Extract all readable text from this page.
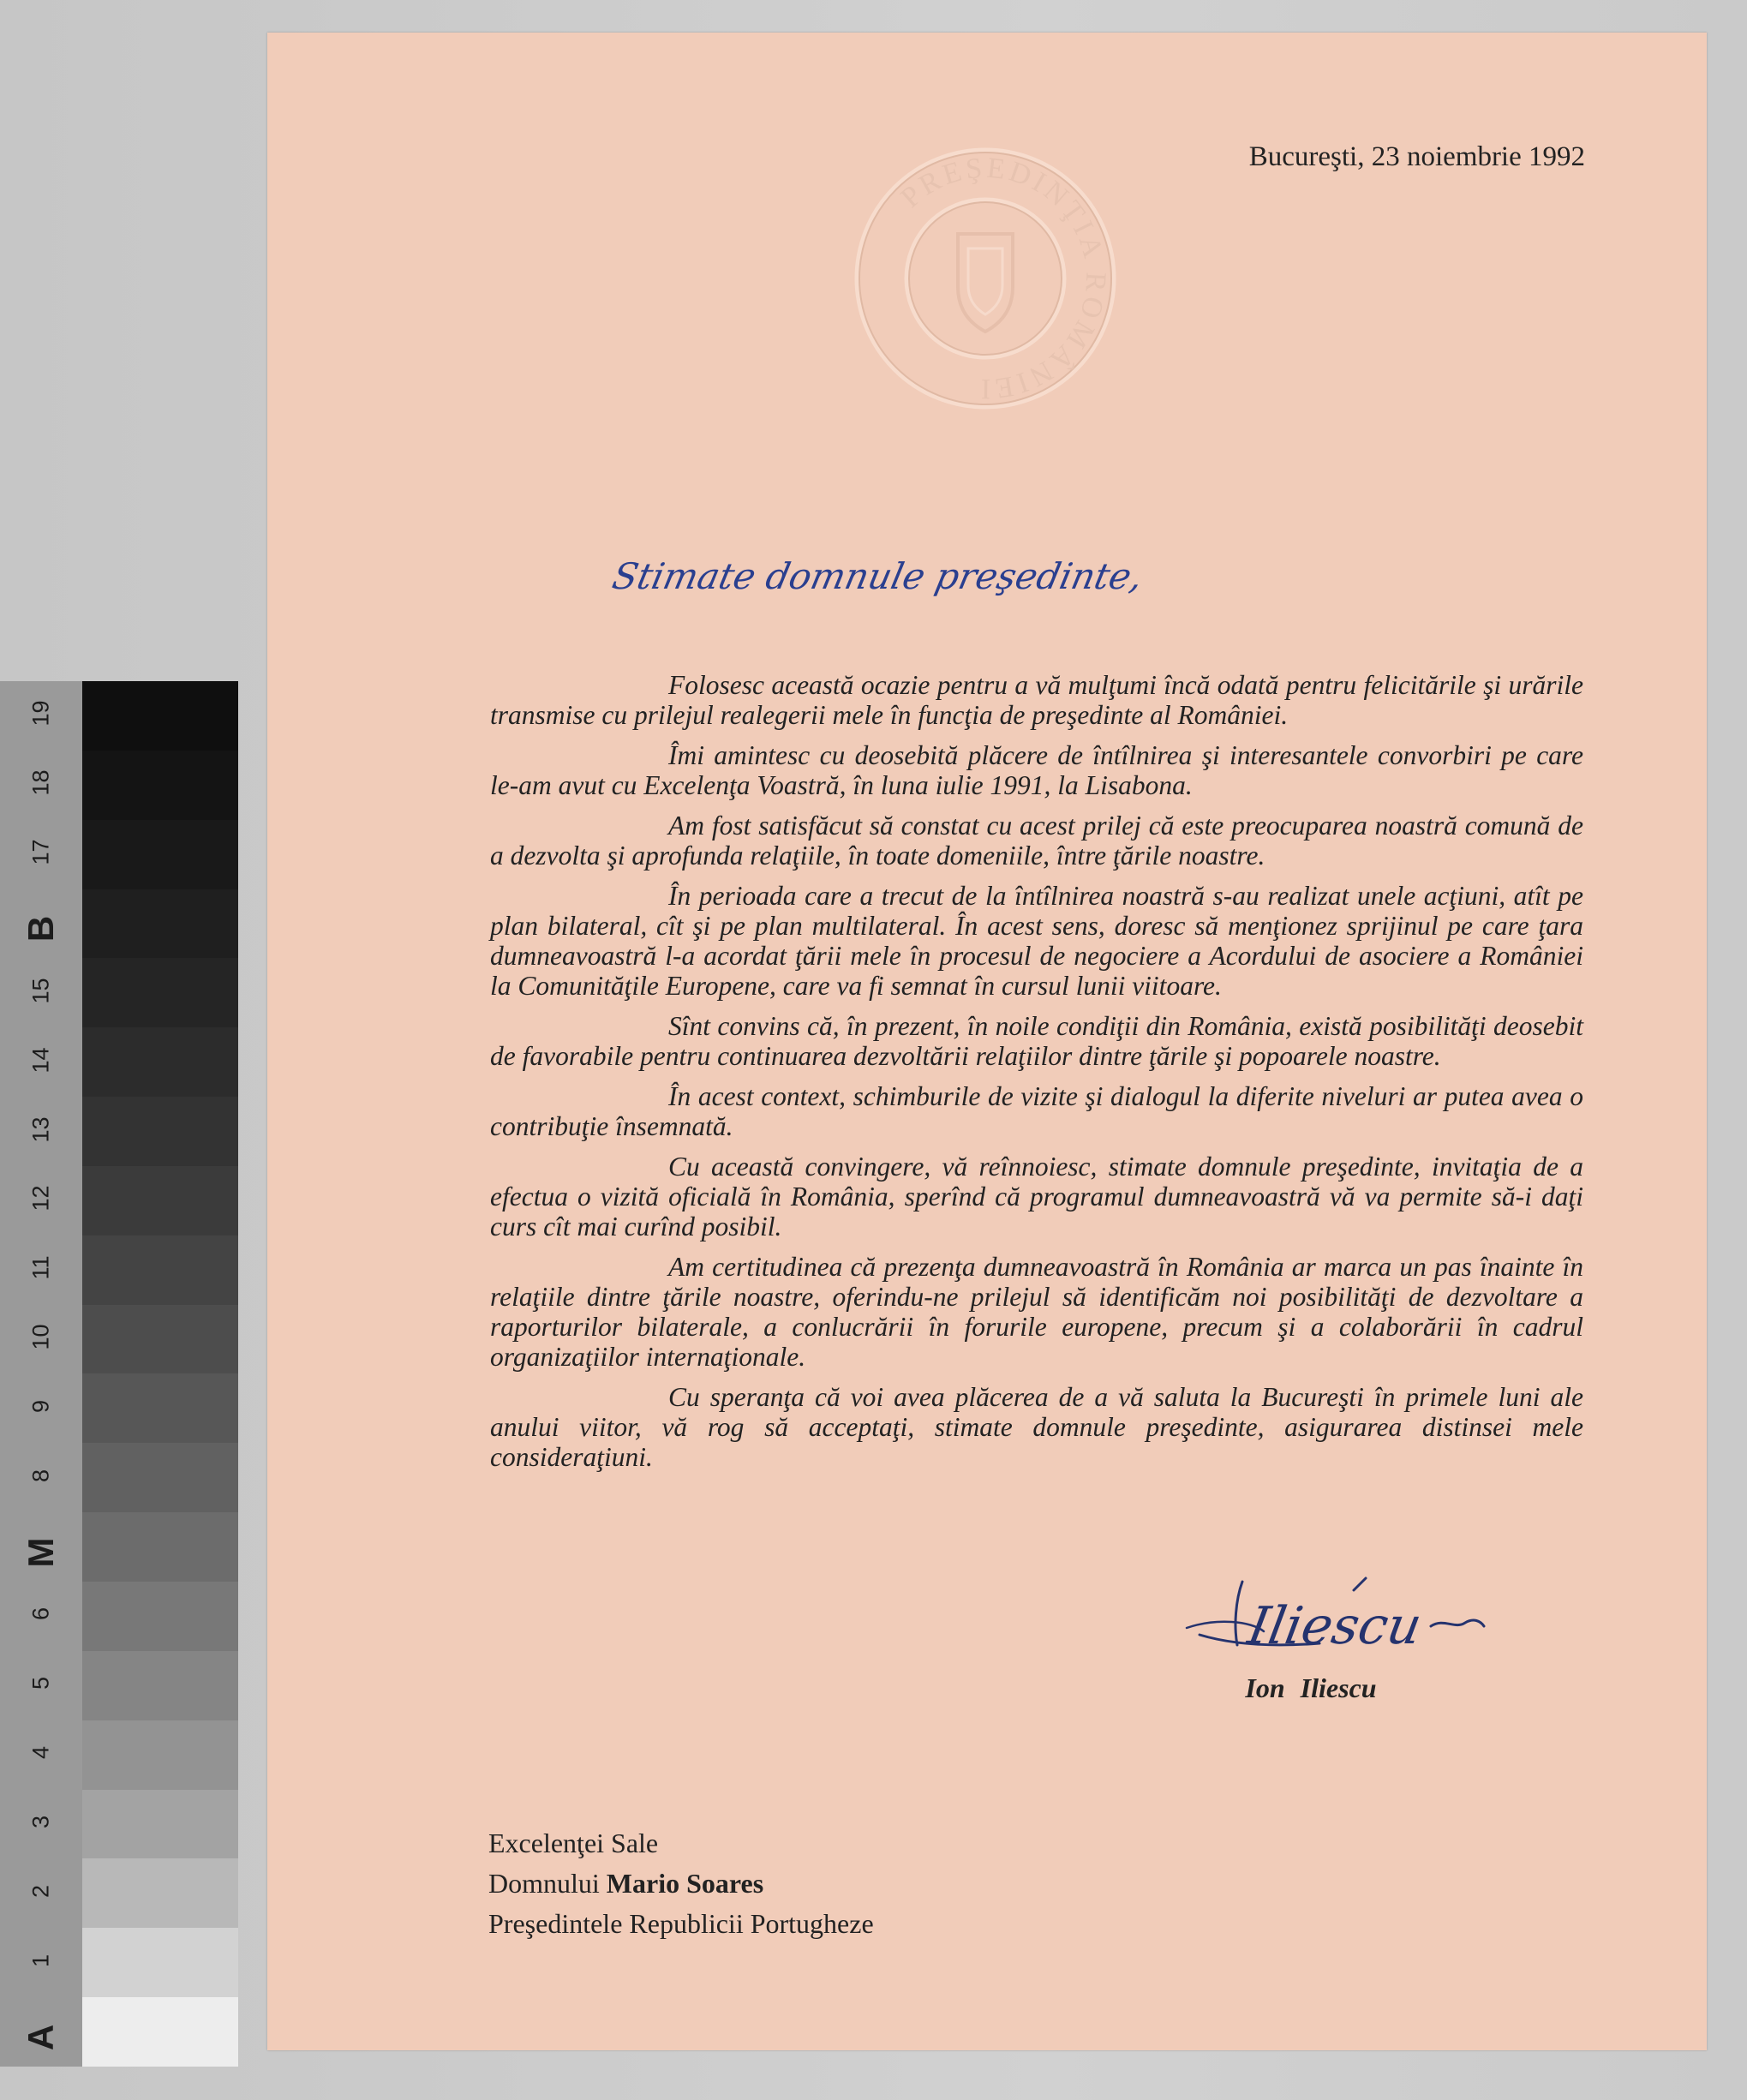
PREŞEDINŢIA ROMÂNIEI
Bucureşti, 23 noiembrie 1992
Stimate domnule preşedinte,

Folosesc această ocazie pentru a vă mulţumi încă odată pentru felicitările şi urările transmise cu prilejul realegerii mele în funcţia de preşedinte al României.

Îmi amintesc cu deosebită plăcere de întîlnirea şi interesantele convorbiri pe care le-am avut cu Excelenţa Voastră, în luna iulie 1991, la Lisabona.

Am fost satisfăcut să constat cu acest prilej că este preocuparea noastră comună de a dezvolta şi aprofunda relaţiile, în toate domeniile, între ţările noastre.

În perioada care a trecut de la întîlnirea noastră s-au realizat unele acţiuni, atît pe plan bilateral, cît şi pe plan multilateral. În acest sens, doresc să menţionez sprijinul pe care ţara dumneavoastră l-a acordat ţării mele în procesul de negociere a Acordului de asociere a României la Comunităţile Europene, care va fi semnat în cursul lunii viitoare.

Sînt convins că, în prezent, în noile condiţii din România, există posibilităţi deosebit de favorabile pentru continuarea dezvoltării relaţiilor dintre ţările şi popoarele noastre.

În acest context, schimburile de vizite şi dialogul la diferite niveluri ar putea avea o contribuţie însemnată.

Cu această convingere, vă reînnoiesc, stimate domnule preşedinte, invitaţia de a efectua o vizită oficială în România, sperînd că programul dumneavoastră vă va permite să-i daţi curs cît mai curînd posibil.

Am certitudinea că prezenţa dumneavoastră în România ar marca un pas înainte în relaţiile dintre ţările noastre, oferindu-ne prilejul să identificăm noi posibilităţi de dezvoltare a raporturilor bilaterale, a conlucrării în forurile europene, precum şi a colaborării în cadrul organizaţiilor internaţionale.

Cu speranţa că voi avea plăcerea de a vă saluta la Bucureşti în primele luni ale anului viitor, vă rog să acceptaţi, stimate domnule preşedinte, asigurarea distinsei mele consideraţiuni.

Iliescu
Ion Iliescu
Excelenţei Sale
Domnului Mario Soares
Preşedintele Republicii Portugheze
19
18
17
B
15
14
13
12
11
10
9
8
M
6
5
4
3
2
1
A
